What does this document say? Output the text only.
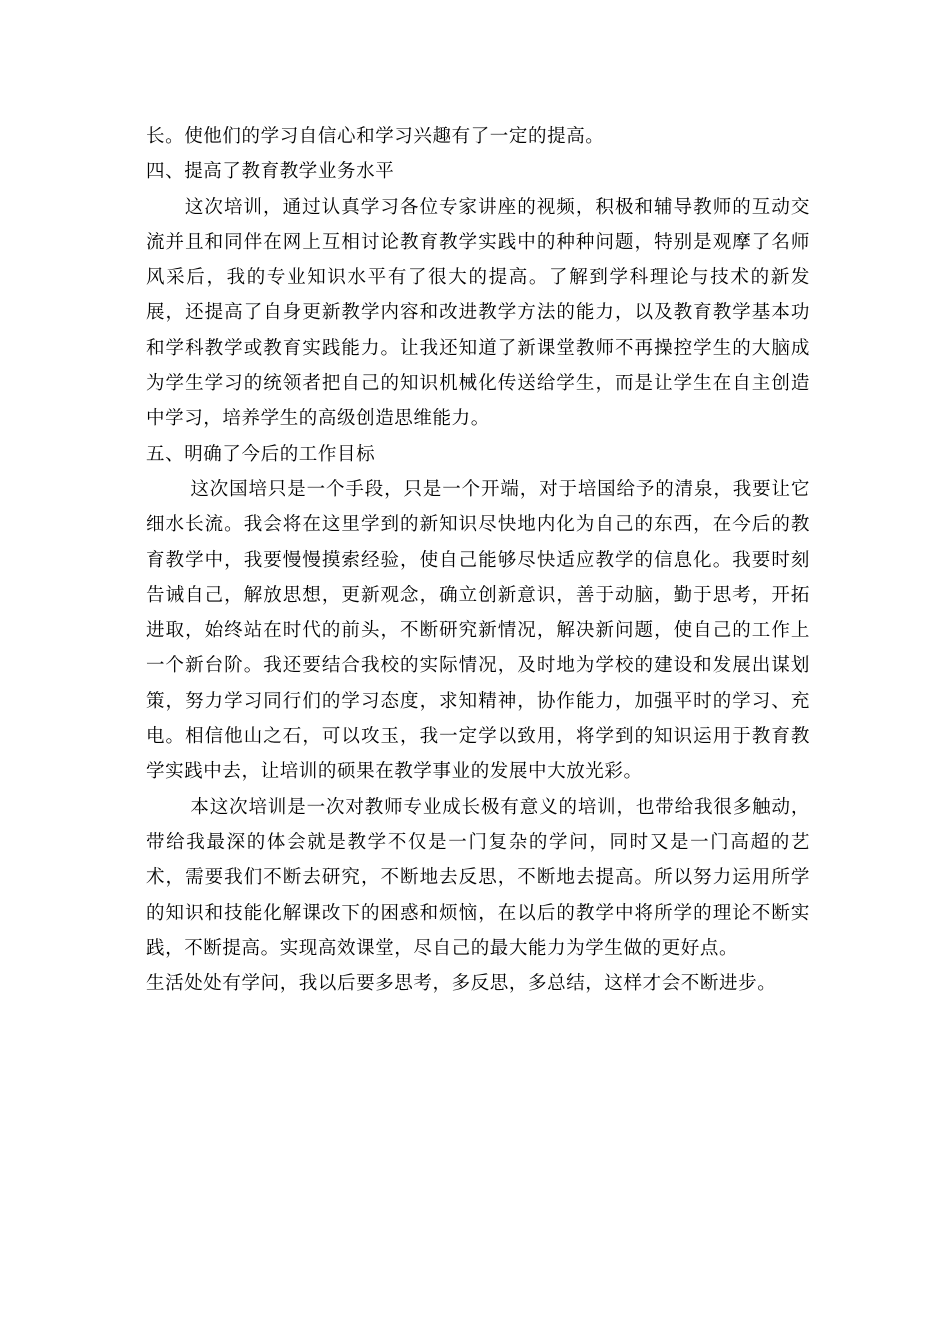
长。使他们的学习自信心和学习兴趣有了一定的提高。

四、提高了教育教学业务水平

这次培训，通过认真学习各位专家讲座的视频，积极和辅导教师的互动交流并且和同伴在网上互相讨论教育教学实践中的种种问题，特别是观摩了名师风采后，我的专业知识水平有了很大的提高。了解到学科理论与技术的新发展，还提高了自身更新教学内容和改进教学方法的能力，以及教育教学基本功和学科教学或教育实践能力。让我还知道了新课堂教师不再操控学生的大脑成为学生学习的统领者把自己的知识机械化传送给学生，而是让学生在自主创造中学习，培养学生的高级创造思维能力。

五、明确了今后的工作目标

这次国培只是一个手段，只是一个开端，对于培国给予的清泉，我要让它细水长流。我会将在这里学到的新知识尽快地内化为自己的东西，在今后的教育教学中，我要慢慢摸索经验，使自己能够尽快适应教学的信息化。我要时刻告诫自己，解放思想，更新观念，确立创新意识，善于动脑，勤于思考，开拓进取，始终站在时代的前头，不断研究新情况，解决新问题，使自己的工作上一个新台阶。我还要结合我校的实际情况，及时地为学校的建设和发展出谋划策，努力学习同行们的学习态度，求知精神，协作能力，加强平时的学习、充电。相信他山之石，可以攻玉，我一定学以致用，将学到的知识运用于教育教学实践中去，让培训的硕果在教学事业的发展中大放光彩。

本这次培训是一次对教师专业成长极有意义的培训，也带给我很多触动，带给我最深的体会就是教学不仅是一门复杂的学问，同时又是一门高超的艺术，需要我们不断去研究，不断地去反思，不断地去提高。所以努力运用所学的知识和技能化解课改下的困惑和烦恼，在以后的教学中将所学的理论不断实践，不断提高。实现高效课堂，尽自己的最大能力为学生做的更好点。

生活处处有学问，我以后要多思考，多反思，多总结，这样才会不断进步。
